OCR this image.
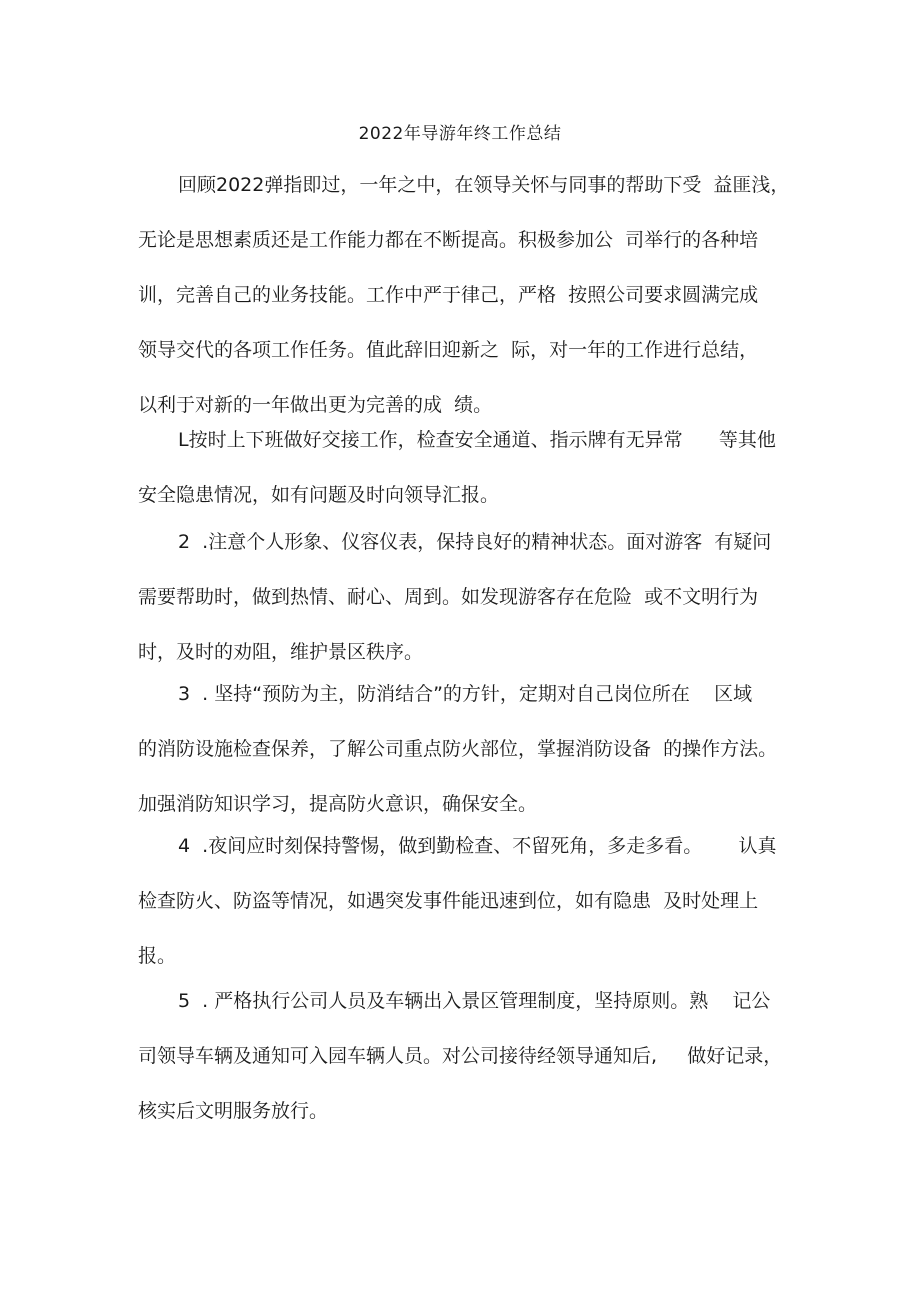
2022年导游年终工作总结
回顾2022弹指即过，一年之中，在领导关怀与同事的帮助下受  益匪浅，
无论是思想素质还是工作能力都在不断提高。积极参加公  司举行的各种培
训，完善自己的业务技能。工作中严于律己，严格  按照公司要求圆满完成
领导交代的各项工作任务。值此辞旧迎新之  际，对一年的工作进行总结，
以利于对新的一年做出更为完善的成  绩。
L按时上下班做好交接工作，检查安全通道、指示牌有无异常      等其他
安全隐患情况，如有问题及时向领导汇报。
2  .注意个人形象、仪容仪表，保持良好的精神状态。面对游客  有疑问
需要帮助时，做到热情、耐心、周到。如发现游客存在危险  或不文明行为
时，及时的劝阻，维护景区秩序。
3  . 坚持“预防为主，防消结合”的方针，定期对自己岗位所在    区域
的消防设施检查保养，了解公司重点防火部位，掌握消防设备  的操作方法。
加强消防知识学习，提高防火意识，确保安全。
4  .夜间应时刻保持警惕，做到勤检查、不留死角，多走多看。      认真
检查防火、防盗等情况，如遇突发事件能迅速到位，如有隐患  及时处理上
报。
5  . 严格执行公司人员及车辆出入景区管理制度，坚持原则。熟    记公
司领导车辆及通知可入园车辆人员。对公司接待经领导通知后,     做好记录，
核实后文明服务放行。
